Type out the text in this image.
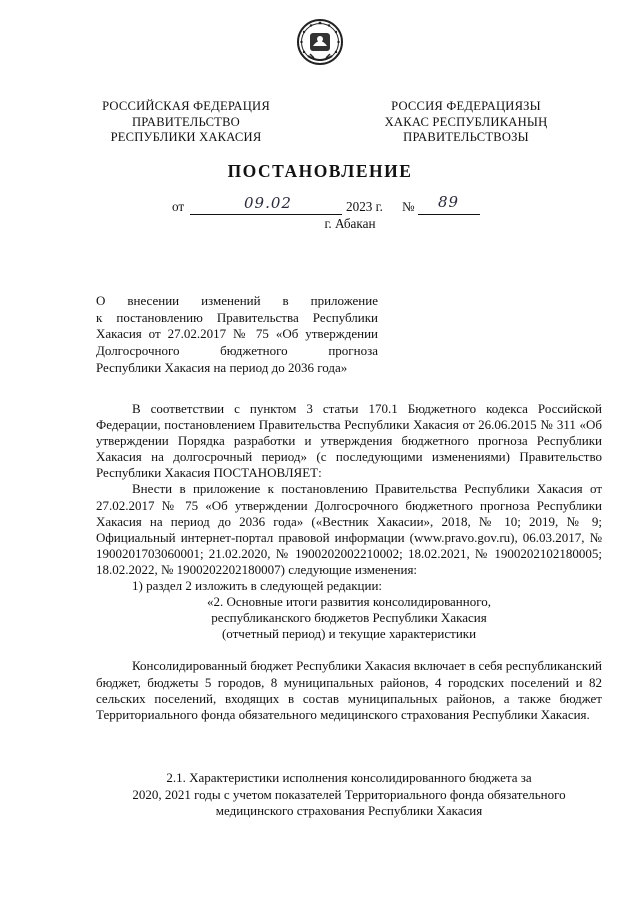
РОССИЙСКАЯ ФЕДЕРАЦИЯ
ПРАВИТЕЛЬСТВО
РЕСПУБЛИКИ ХАКАСИЯ
РОССИЯ ФЕДЕРАЦИЯЗЫ
ХАКАС РЕСПУБЛИКАНЫҢ
ПРАВИТЕЛЬСТВОЗЫ
ПОСТАНОВЛЕНИЕ
от	09.02	2023 г. № 89
г. Абакан
О внесении изменений в приложение
к постановлению Правительства Республики
Хакасия от 27.02.2017 № 75 «Об утверждении
Долгосрочного бюджетного прогноза
Республики Хакасия на период до 2036 года»

В соответствии с пунктом 3 статьи 170.1 Бюджетного кодекса Российской Федерации, постановлением Правительства Республики Хакасия от 26.06.2015 № 311 «Об утверждении Порядка разработки и утверждения бюджетного прогноза Республики Хакасия на долгосрочный период» (с последующими изменениями) Правительство Республики Хакасия ПОСТАНОВЛЯЕТ:

Внести в приложение к постановлению Правительства Республики Хакасия от 27.02.2017 № 75 «Об утверждении Долгосрочного бюджетного прогноза Республики Хакасия на период до 2036 года» («Вестник Хакасии», 2018, № 10; 2019, № 9; Официальный интернет-портал правовой информации (www.pravo.gov.ru), 06.03.2017, № 1900201703060001; 21.02.2020, № 1900202002210002; 18.02.2021, № 1900202102180005; 18.02.2022, № 1900202202180007) следующие изменения:

1) раздел 2 изложить в следующей редакции:

«2. Основные итоги развития консолидированного,
республиканского бюджетов Республики Хакасия
(отчетный период) и текущие характеристики

Консолидированный бюджет Республики Хакасия включает в себя республиканский бюджет, бюджеты 5 городов, 8 муниципальных районов, 4 городских поселений и 82 сельских поселений, входящих в состав муниципальных районов, а также бюджет Территориального фонда обязательного медицинского страхования Республики Хакасия.

2.1. Характеристики исполнения консолидированного бюджета за
2020, 2021 годы с учетом показателей Территориального фонда обязательного
медицинского страхования Республики Хакасия
